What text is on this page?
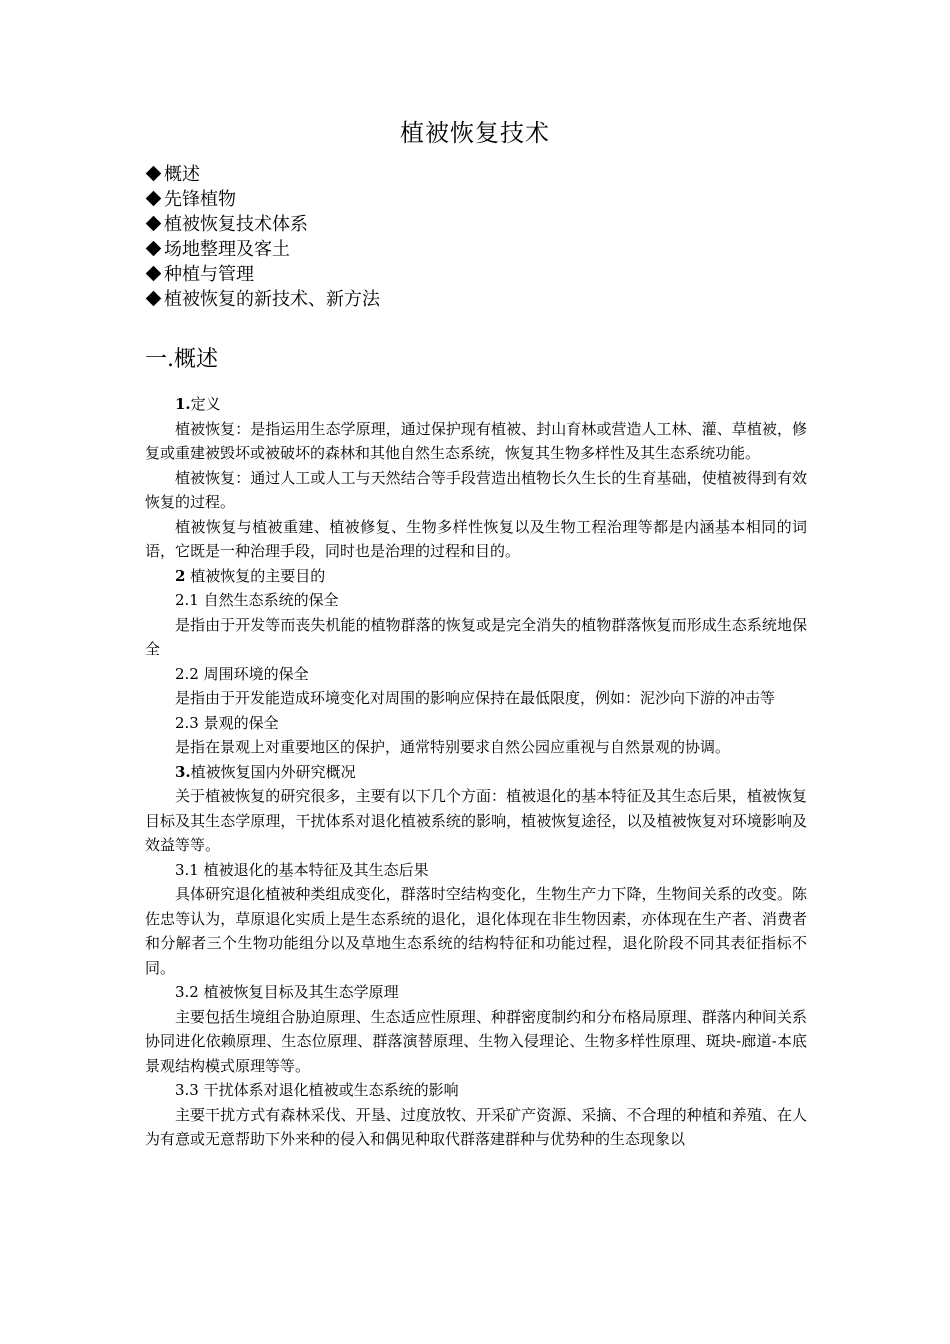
植被恢复技术
概述
先锋植物
植被恢复技术体系
场地整理及客土
种植与管理
植被恢复的新技术、新方法
一.概述

1.定义

植被恢复：是指运用生态学原理，通过保护现有植被、封山育林或营造人工林、灌、草植被，修复或重建被毁坏或被破坏的森林和其他自然生态系统，恢复其生物多样性及其生态系统功能。

植被恢复：通过人工或人工与天然结合等手段营造出植物长久生长的生育基础，使植被得到有效恢复的过程。

植被恢复与植被重建、植被修复、生物多样性恢复以及生物工程治理等都是内涵基本相同的词语，它既是一种治理手段，同时也是治理的过程和目的。

2 植被恢复的主要目的

2.1 自然生态系统的保全

是指由于开发等而丧失机能的植物群落的恢复或是完全消失的植物群落恢复而形成生态系统地保全

2.2 周围环境的保全

是指由于开发能造成环境变化对周围的影响应保持在最低限度，例如：泥沙向下游的冲击等

2.3 景观的保全

是指在景观上对重要地区的保护，通常特别要求自然公园应重视与自然景观的协调。

3.植被恢复国内外研究概况

关于植被恢复的研究很多，主要有以下几个方面：植被退化的基本特征及其生态后果，植被恢复目标及其生态学原理，干扰体系对退化植被系统的影响，植被恢复途径，以及植被恢复对环境影响及效益等等。

3.1 植被退化的基本特征及其生态后果

具体研究退化植被种类组成变化，群落时空结构变化，生物生产力下降，生物间关系的改变。陈佐忠等认为，草原退化实质上是生态系统的退化，退化体现在非生物因素，亦体现在生产者、消费者和分解者三个生物功能组分以及草地生态系统的结构特征和功能过程，退化阶段不同其表征指标不同。

3.2 植被恢复目标及其生态学原理

主要包括生境组合胁迫原理、生态适应性原理、种群密度制约和分布格局原理、群落内种间关系协同进化依赖原理、生态位原理、群落演替原理、生物入侵理论、生物多样性原理、斑块-廊道-本底景观结构模式原理等等。

3.3 干扰体系对退化植被或生态系统的影响

主要干扰方式有森林采伐、开垦、过度放牧、开采矿产资源、采摘、不合理的种植和养殖、在人为有意或无意帮助下外来种的侵入和偶见种取代群落建群种与优势种的生态现象以
